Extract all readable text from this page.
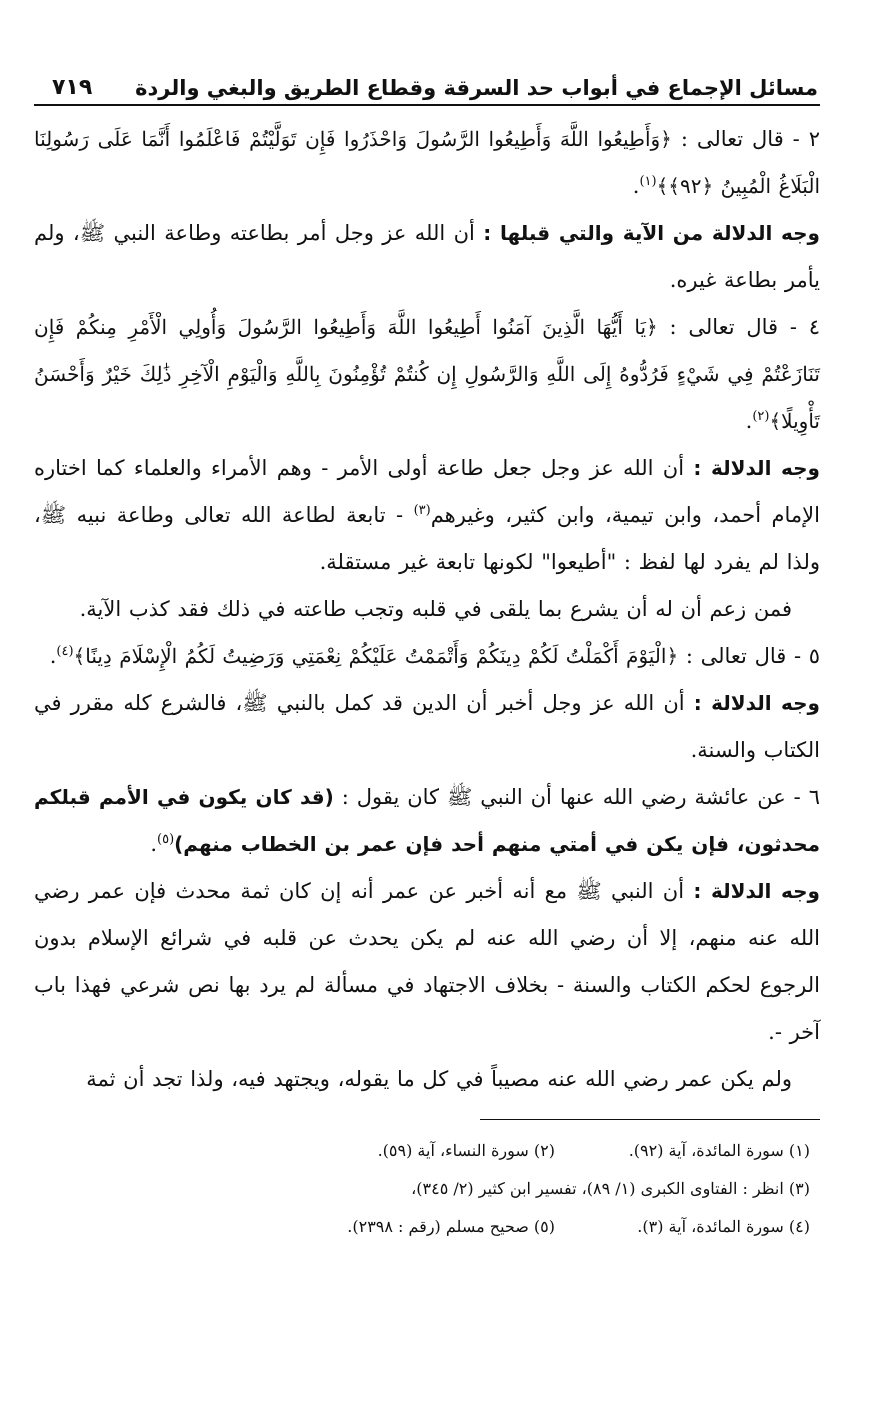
مسائل الإجماع في أبواب حد السرقة وقطاع الطريق والبغي والردة
٧١٩

٢ - قال تعالى : ﴿وَأَطِيعُوا اللَّهَ وَأَطِيعُوا الرَّسُولَ وَاحْذَرُوا فَإِن تَوَلَّيْتُمْ فَاعْلَمُوا أَنَّمَا عَلَى رَسُولِنَا الْبَلَاغُ الْمُبِينُ ﴿٩٢﴾﴾$^{(١)}$.

وجه الدلالة من الآية والتي قبلها : أن الله عز وجل أمر بطاعته وطاعة النبي ﷺ، ولم يأمر بطاعة غيره.

٤ - قال تعالى : ﴿يَا أَيُّهَا الَّذِينَ آمَنُوا أَطِيعُوا اللَّهَ وَأَطِيعُوا الرَّسُولَ وَأُولِي الْأَمْرِ مِنكُمْ فَإِن تَنَازَعْتُمْ فِي شَيْءٍ فَرُدُّوهُ إِلَى اللَّهِ وَالرَّسُولِ إِن كُنتُمْ تُؤْمِنُونَ بِاللَّهِ وَالْيَوْمِ الْآخِرِ ذَٰلِكَ خَيْرٌ وَأَحْسَنُ تَأْوِيلًا﴾$^{(٢)}$.

وجه الدلالة : أن الله عز وجل جعل طاعة أولى الأمر - وهم الأمراء والعلماء كما اختاره الإمام أحمد، وابن تيمية، وابن كثير، وغيرهم$^{(٣)}$ - تابعة لطاعة الله تعالى وطاعة نبيه ﷺ، ولذا لم يفرد لها لفظ : "أطيعوا" لكونها تابعة غير مستقلة.

فمن زعم أن له أن يشرع بما يلقى في قلبه وتجب طاعته في ذلك فقد كذب الآية.

٥ - قال تعالى : ﴿الْيَوْمَ أَكْمَلْتُ لَكُمْ دِينَكُمْ وَأَتْمَمْتُ عَلَيْكُمْ نِعْمَتِي وَرَضِيتُ لَكُمُ الْإِسْلَامَ دِينًا﴾$^{(٤)}$.

وجه الدلالة : أن الله عز وجل أخبر أن الدين قد كمل بالنبي ﷺ، فالشرع كله مقرر في الكتاب والسنة.

٦ - عن عائشة رضي الله عنها أن النبي ﷺ كان يقول : (قد كان يكون في الأمم قبلكم محدثون، فإن يكن في أمتي منهم أحد فإن عمر بن الخطاب منهم)$^{(٥)}$.

وجه الدلالة : أن النبي ﷺ مع أنه أخبر عن عمر أنه إن كان ثمة محدث فإن عمر رضي الله عنه منهم، إلا أن رضي الله عنه لم يكن يحدث عن قلبه في شرائع الإسلام بدون الرجوع لحكم الكتاب والسنة - بخلاف الاجتهاد في مسألة لم يرد بها نص شرعي فهذا باب آخر -.

ولم يكن عمر رضي الله عنه مصيباً في كل ما يقوله، ويجتهد فيه، ولذا تجد أن ثمة

(١) سورة المائدة، آية (٩٢).
(٢) سورة النساء، آية (٥٩).
(٣) انظر : الفتاوى الكبرى (١/ ٨٩)، تفسير ابن كثير (٢/ ٣٤٥)،
(٤) سورة المائدة، آية (٣).
(٥) صحيح مسلم (رقم : ٢٣٩٨).
